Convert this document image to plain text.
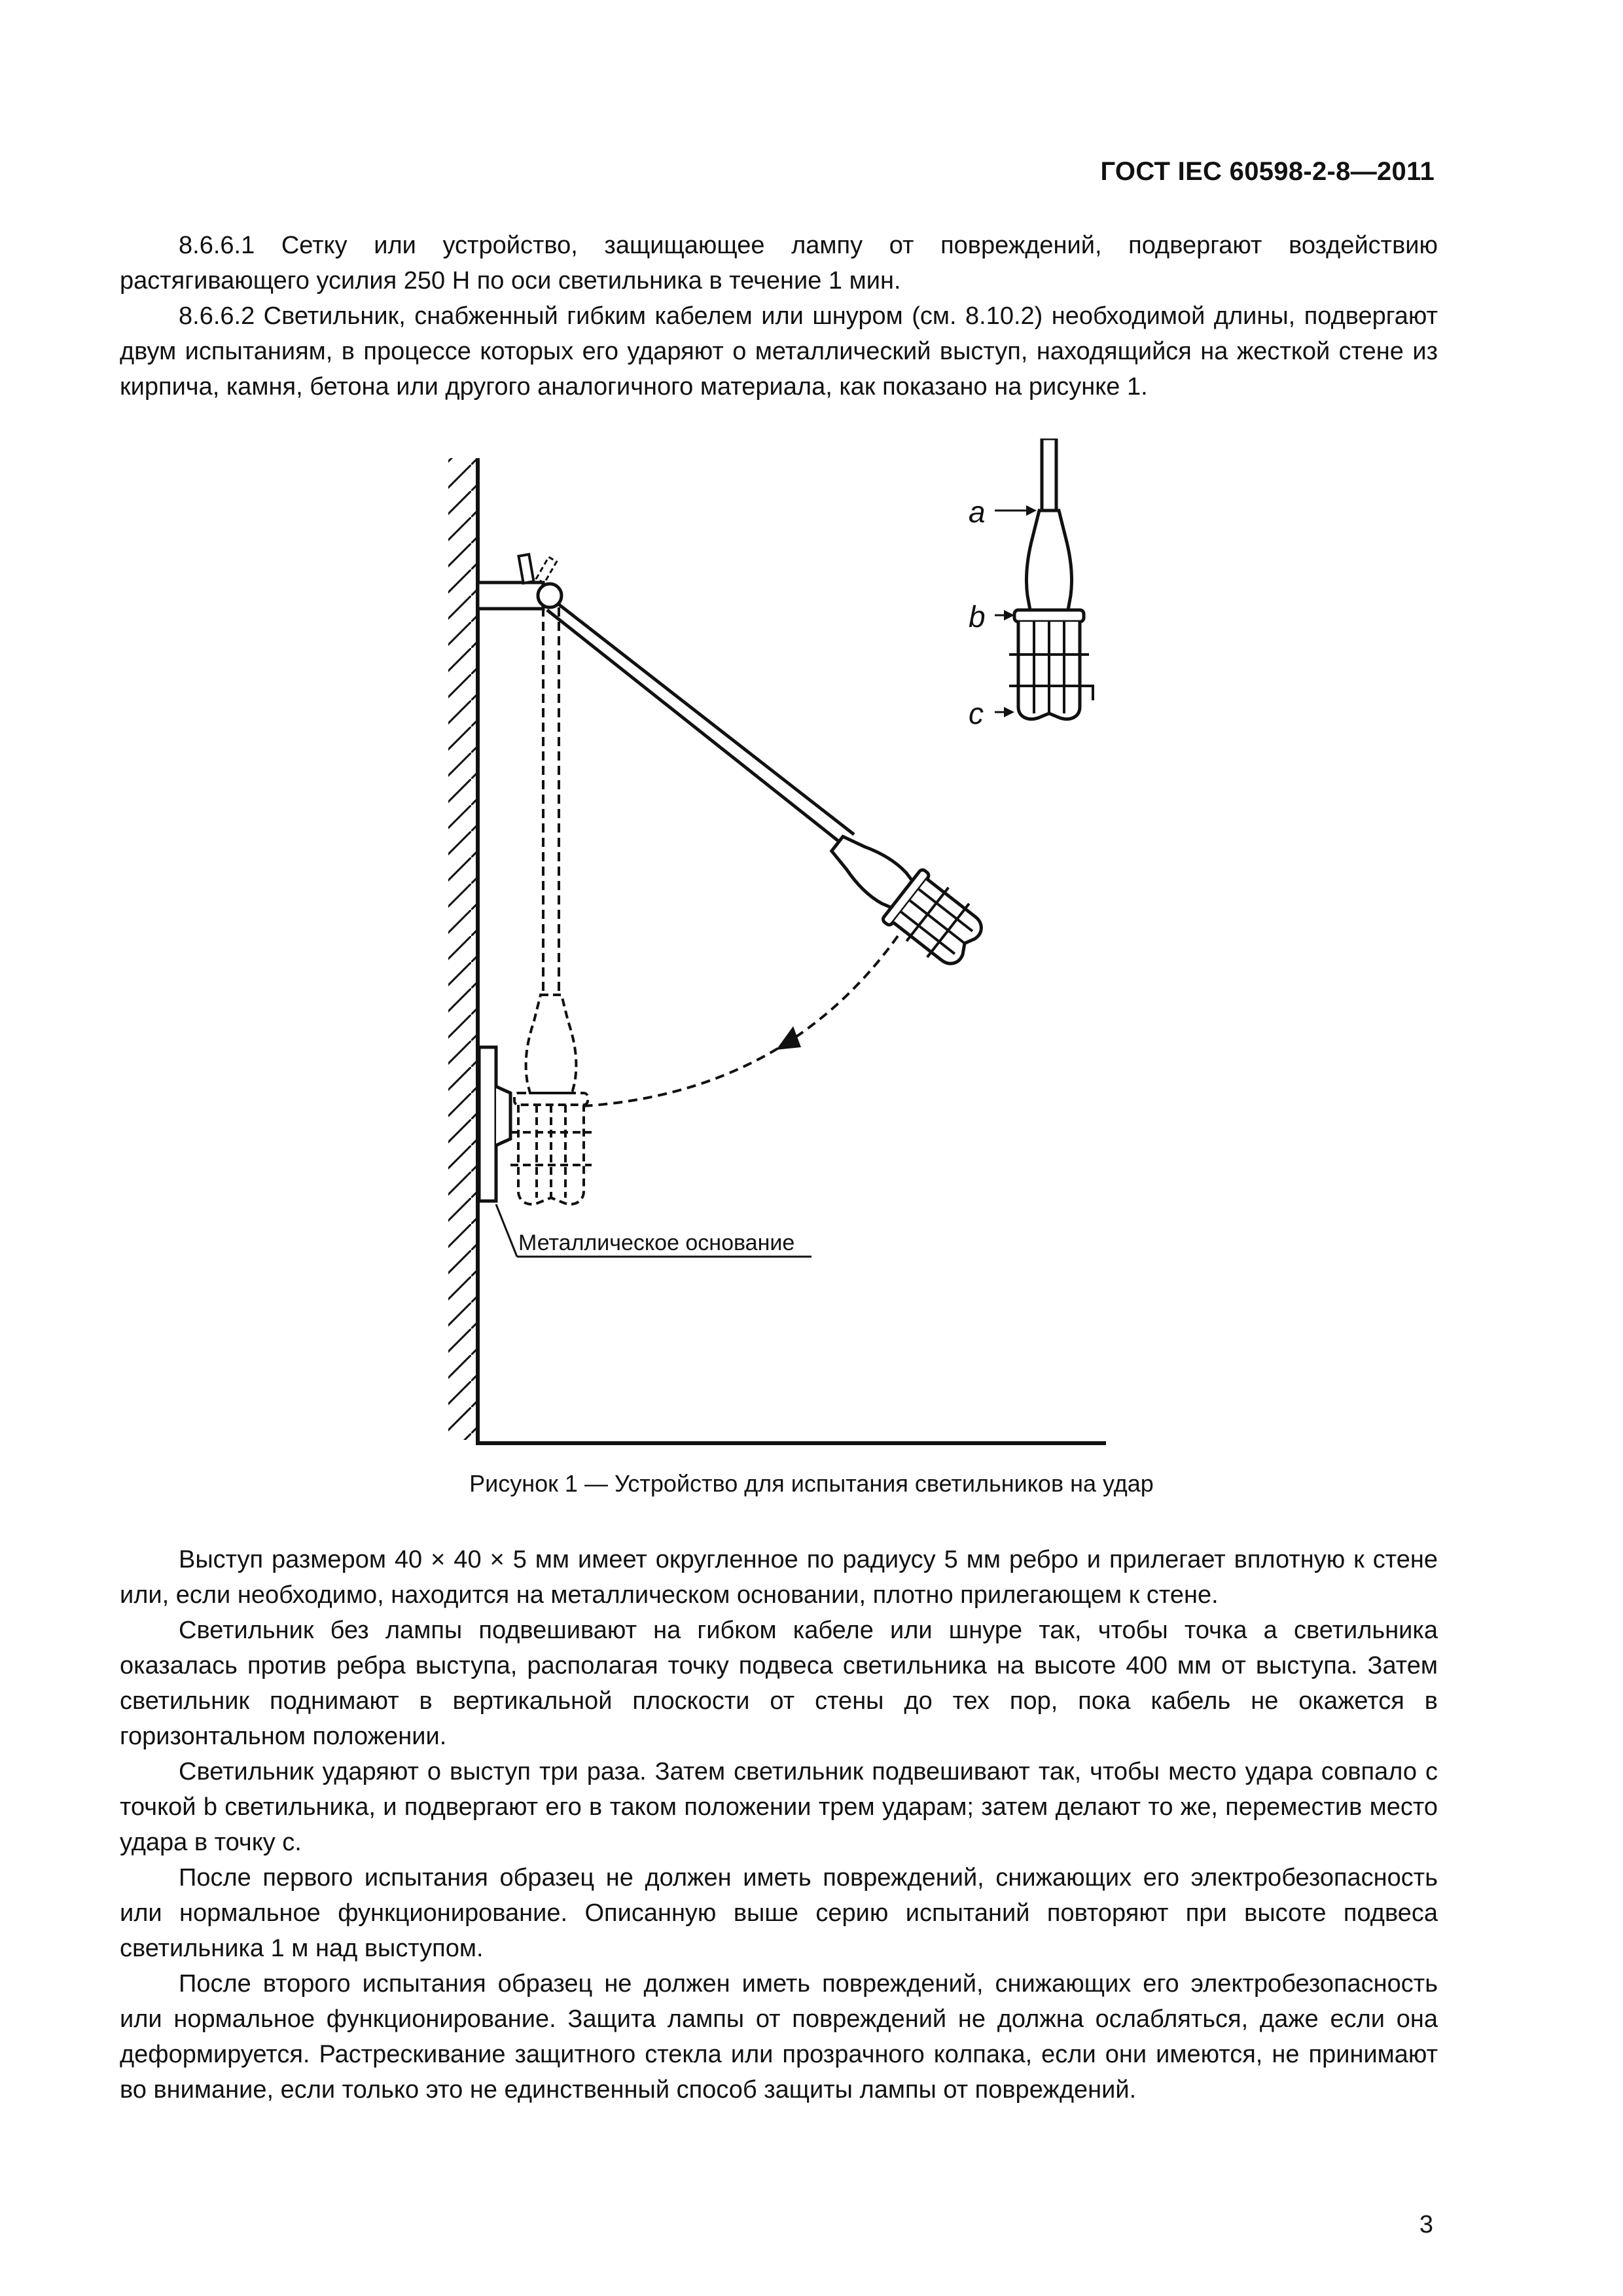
ГОСТ IEC 60598-2-8—2011

8.6.6.1 Сетку или устройство, защищающее лампу от повреждений, подвергают воздействию растягивающего усилия 250 Н по оси светильника в течение 1 мин.

8.6.6.2 Светильник, снабженный гибким кабелем или шнуром (см. 8.10.2) необходимой длины, подвергают двум испытаниям, в процессе которых его ударяют о металлический выступ, находящийся на жесткой стене из кирпича, камня, бетона или другого аналогичного материала, как показано на рисунке 1.

Металлическое основание
a
b
c
Рисунок 1 — Устройство для испытания светильников на удар

Выступ размером 40 × 40 × 5 мм имеет округленное по радиусу 5 мм ребро и прилегает вплотную к стене или, если необходимо, находится на металлическом основании, плотно прилегающем к стене.

Светильник без лампы подвешивают на гибком кабеле или шнуре так, чтобы точка а светильника оказалась против ребра выступа, располагая точку подвеса светильника на высоте 400 мм от выступа. Затем светильник поднимают в вертикальной плоскости от стены до тех пор, пока кабель не окажется в горизонтальном положении.

Светильник ударяют о выступ три раза. Затем светильник подвешивают так, чтобы место удара совпало с точкой b светильника, и подвергают его в таком положении трем ударам; затем делают то же, переместив место удара в точку с.

После первого испытания образец не должен иметь повреждений, снижающих его электробезопасность или нормальное функционирование. Описанную выше серию испытаний повторяют при высоте подвеса светильника 1 м над выступом.

После второго испытания образец не должен иметь повреждений, снижающих его электробезопасность или нормальное функционирование. Защита лампы от повреждений не должна ослабляться, даже если она деформируется. Растрескивание защитного стекла или прозрачного колпака, если они имеются, не принимают во внимание, если только это не единственный способ защиты лампы от повреждений.

3
